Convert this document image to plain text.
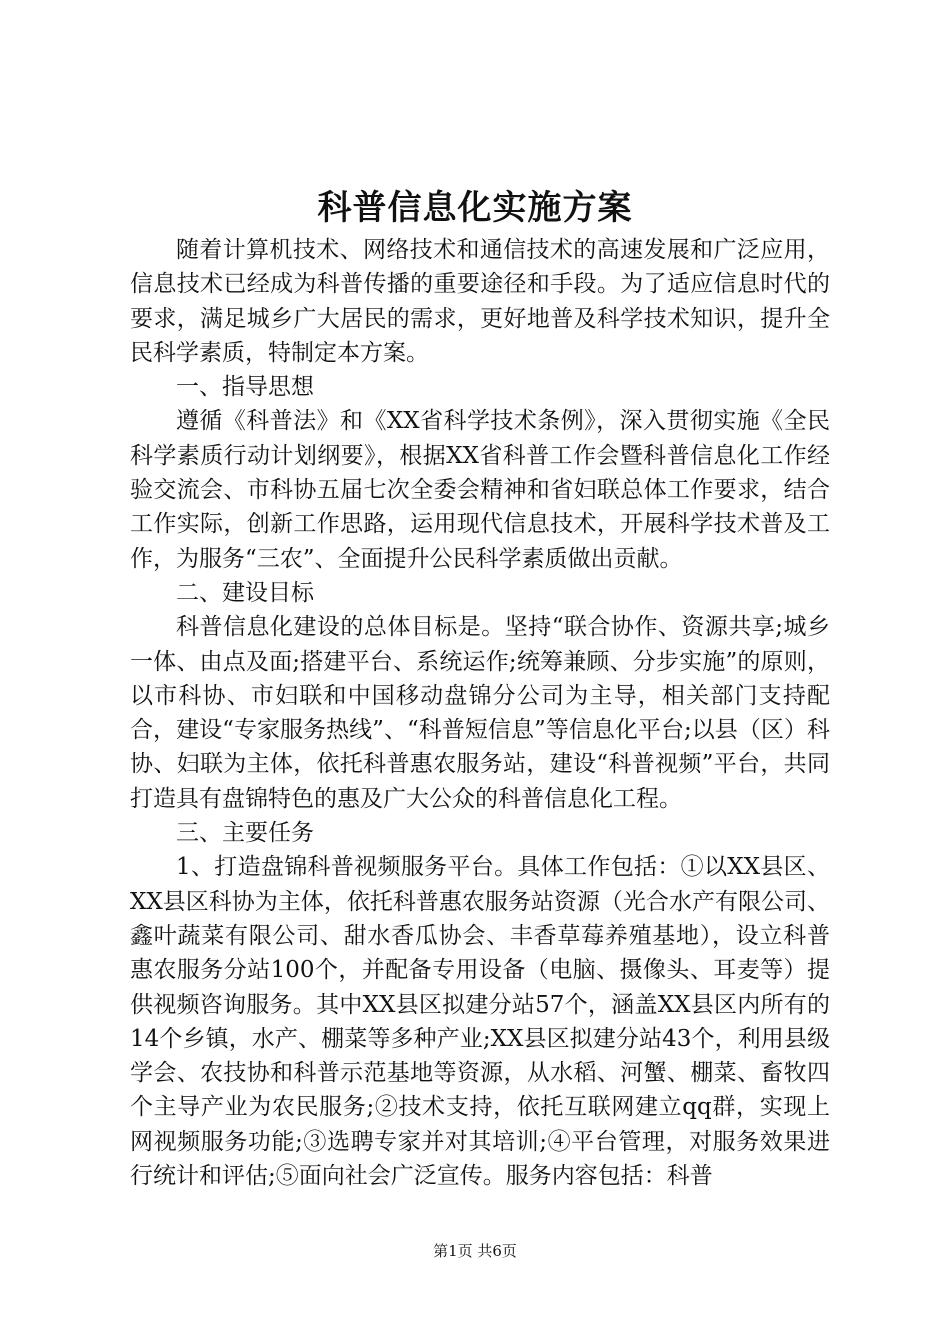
科普信息化实施方案

随着计算机技术、网络技术和通信技术的高速发展和广泛应用，信息技术已经成为科普传播的重要途径和手段。为了适应信息时代的要求，满足城乡广大居民的需求，更好地普及科学技术知识，提升全民科学素质，特制定本方案。

一、指导思想

遵循《科普法》和《XX省科学技术条例》，深入贯彻实施《全民科学素质行动计划纲要》，根据XX省科普工作会暨科普信息化工作经验交流会、市科协五届七次全委会精神和省妇联总体工作要求，结合工作实际，创新工作思路，运用现代信息技术，开展科学技术普及工作，为服务“三农”、全面提升公民科学素质做出贡献。

二、建设目标

科普信息化建设的总体目标是。坚持“联合协作、资源共享;城乡一体、由点及面;搭建平台、系统运作;统筹兼顾、分步实施”的原则，以市科协、市妇联和中国移动盘锦分公司为主导，相关部门支持配合，建设“专家服务热线”、“科普短信息”等信息化平台;以县（区）科协、妇联为主体，依托科普惠农服务站，建设“科普视频”平台，共同打造具有盘锦特色的惠及广大公众的科普信息化工程。

三、主要任务

1、打造盘锦科普视频服务平台。具体工作包括：①以XX县区、XX县区科协为主体，依托科普惠农服务站资源（光合水产有限公司、鑫叶蔬菜有限公司、甜水香瓜协会、丰香草莓养殖基地），设立科普惠农服务分站100个，并配备专用设备（电脑、摄像头、耳麦等）提供视频咨询服务。其中XX县区拟建分站57个，涵盖XX县区内所有的14个乡镇，水产、棚菜等多种产业;XX县区拟建分站43个，利用县级学会、农技协和科普示范基地等资源，从水稻、河蟹、棚菜、畜牧四个主导产业为农民服务;②技术支持，依托互联网建立qq群，实现上网视频服务功能;③选聘专家并对其培训;④平台管理，对服务效果进行统计和评估;⑤面向社会广泛宣传。服务内容包括：科普

第1页 共6页
